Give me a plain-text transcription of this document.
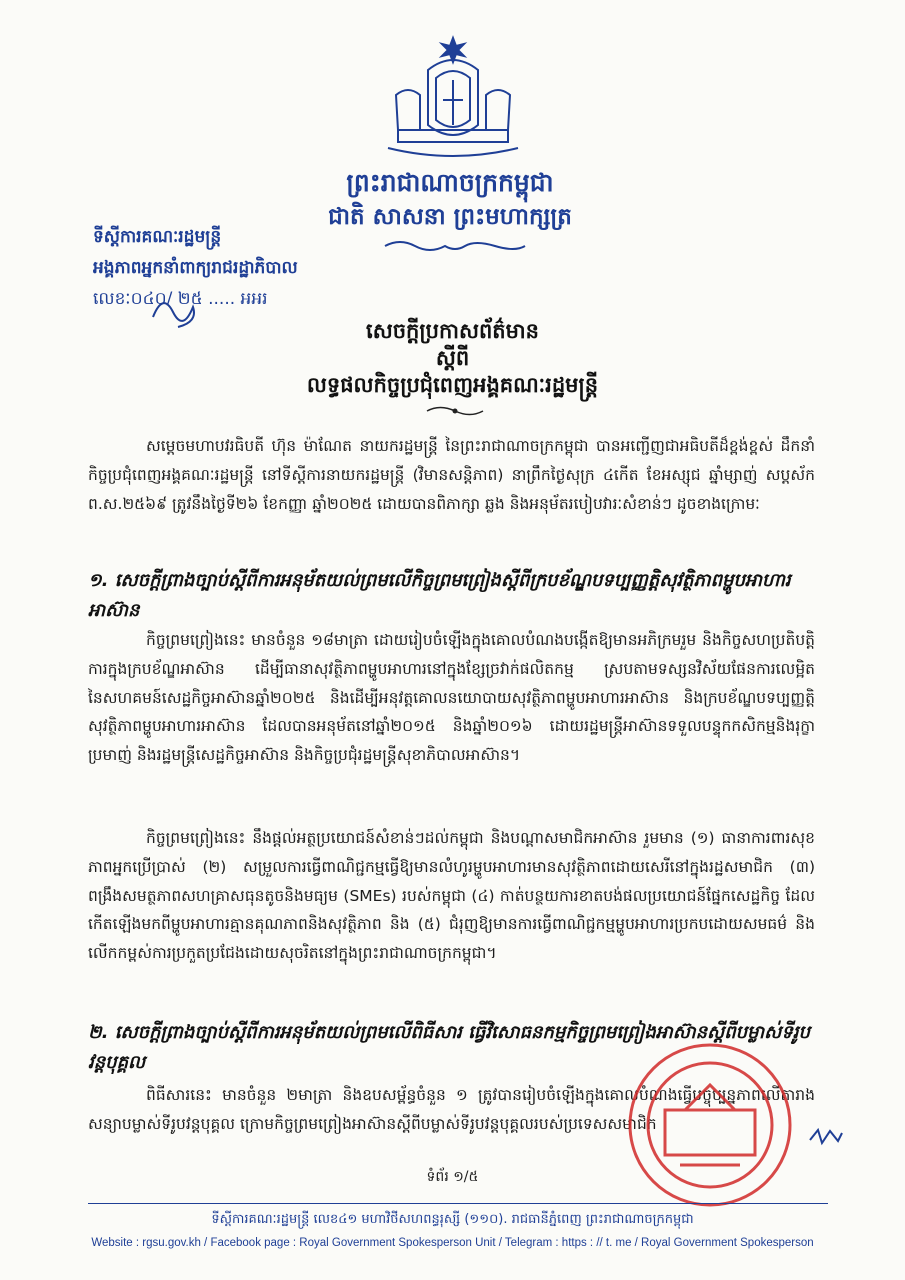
ព្រះរាជាណាចក្រកម្ពុជា
ជាតិ សាសនា ព្រះមហាក្សត្រ
ទីស្តីការគណៈរដ្ឋមន្ត្រី
អង្គភាពអ្នកនាំពាក្យរាជរដ្ឋាភិបាល
លេខៈ០៤០/ ២៥ ..... អអរ
សេចក្តីប្រកាសព័ត៌មាន
ស្តីពី
លទ្ធផលកិច្ចប្រជុំពេញអង្គគណៈរដ្ឋមន្ត្រី
សម្តេចមហាបវរធិបតី ហ៊ុន ម៉ាណែត នាយករដ្ឋមន្ត្រី នៃព្រះរាជាណាចក្រកម្ពុជា បានអញ្ជើញជាអធិបតីដ៏ខ្ពង់ខ្ពស់ ដឹកនាំកិច្ចប្រជុំពេញអង្គគណៈរដ្ឋមន្ត្រី នៅទីស្តីការនាយករដ្ឋមន្ត្រី (វិមានសន្តិភាព) នាព្រឹកថ្ងៃសុក្រ ៤កើត ខែអស្សុជ ឆ្នាំម្សាញ់ សប្តស័ក ព.ស.២៥៦៩ ត្រូវនឹងថ្ងៃទី២៦ ខែកញ្ញា ឆ្នាំ២០២៥ ដោយបានពិភាក្សា ឆ្លង និងអនុម័តរបៀបវារៈសំខាន់ៗ ដូចខាងក្រោមៈ
១. សេចក្តីព្រាងច្បាប់ស្តីពីការអនុម័តយល់ព្រមលើកិច្ចព្រមព្រៀងស្តីពីក្របខ័ណ្ឌបទប្បញ្ញត្តិសុវត្ថិភាពម្ហូបអាហារអាស៊ាន
កិច្ចព្រមព្រៀងនេះ មានចំនួន ១៨មាត្រា ដោយរៀបចំឡើងក្នុងគោលបំណងបង្កើតឱ្យមានអភិក្រមរួម និងកិច្ចសហប្រតិបត្តិការក្នុងក្របខ័ណ្ឌអាស៊ាន ដើម្បីធានាសុវត្ថិភាពម្ហូបអាហារនៅក្នុងខ្សែច្រវាក់ផលិតកម្ម ស្របតាមទស្សនវិស័យផែនការលេម្អិត នៃសហគមន៍សេដ្ឋកិច្ចអាស៊ានឆ្នាំ២០២៥ និងដើម្បីអនុវត្តគោលនយោបាយសុវត្ថិភាពម្ហូបអាហារអាស៊ាន និងក្របខ័ណ្ឌបទប្បញ្ញត្តិសុវត្ថិភាពម្ហូបអាហារអាស៊ាន ដែលបានអនុម័តនៅឆ្នាំ២០១៥ និងឆ្នាំ២០១៦ ដោយរដ្ឋមន្ត្រីអាស៊ានទទួលបន្ទុកកសិកម្មនិងរុក្ខាប្រមាញ់ និងរដ្ឋមន្ត្រីសេដ្ឋកិច្ចអាស៊ាន និងកិច្ចប្រជុំរដ្ឋមន្ត្រីសុខាភិបាលអាស៊ាន។
កិច្ចព្រមព្រៀងនេះ នឹងផ្តល់អត្ថប្រយោជន៍សំខាន់ៗដល់កម្ពុជា និងបណ្តាសមាជិកអាស៊ាន រួមមាន (១) ធានាការពារសុខភាពអ្នកប្រើប្រាស់ (២) សម្រួលការធ្វើពាណិជ្ជកម្មធ្វើឱ្យមានលំហូរម្ហូបអាហារមានសុវត្ថិភាពដោយសេរីនៅក្នុងរដ្ឋសមាជិក (៣) ពង្រឹងសមត្ថភាពសហគ្រាសធុនតូចនិងមធ្យម (SMEs) របស់កម្ពុជា (៤) កាត់បន្ថយការខាតបង់ផលប្រយោជន៍ផ្នែកសេដ្ឋកិច្ច ដែលកើតឡើងមកពីម្ហូបអាហារគ្មានគុណភាពនិងសុវត្ថិភាព និង (៥) ជំរុញឱ្យមានការធ្វើពាណិជ្ជកម្មម្ហូបអាហារប្រកបដោយសមធម៌ និងលើកកម្ពស់ការប្រកួតប្រជែងដោយសុចរិតនៅក្នុងព្រះរាជាណាចក្រកម្ពុជា។
២. សេចក្តីព្រាងច្បាប់ស្តីពីការអនុម័តយល់ព្រមលើពិធីសារ ធ្វើវិសោធនកម្មកិច្ចព្រមព្រៀងអាស៊ានស្តីពីបម្លាស់ទីរូបវន្តបុគ្គល
ពិធីសារនេះ មានចំនួន ២មាត្រា និងឧបសម្ព័ន្ធចំនួន ១ ត្រូវបានរៀបចំឡើងក្នុងគោលបំណងធ្វើបច្ចុប្បន្នភាពលើតារាងសន្យាបម្លាស់ទីរូបវន្តបុគ្គល ក្រោមកិច្ចព្រមព្រៀងអាស៊ានស្តីពីបម្លាស់ទីរូបវន្តបុគ្គលរបស់ប្រទេសសមាជិក
ទំព័រ ១/៥
ទីស្តីការគណៈរដ្ឋមន្ត្រី លេខ៤១ មហាវិថីសហពន្ធរុស្សី (១១០). រាជធានីភ្នំពេញ ព្រះរាជាណាចក្រកម្ពុជា
Website : rgsu.gov.kh / Facebook page : Royal Government Spokesperson Unit / Telegram : https : // t. me / Royal Government Spokesperson
